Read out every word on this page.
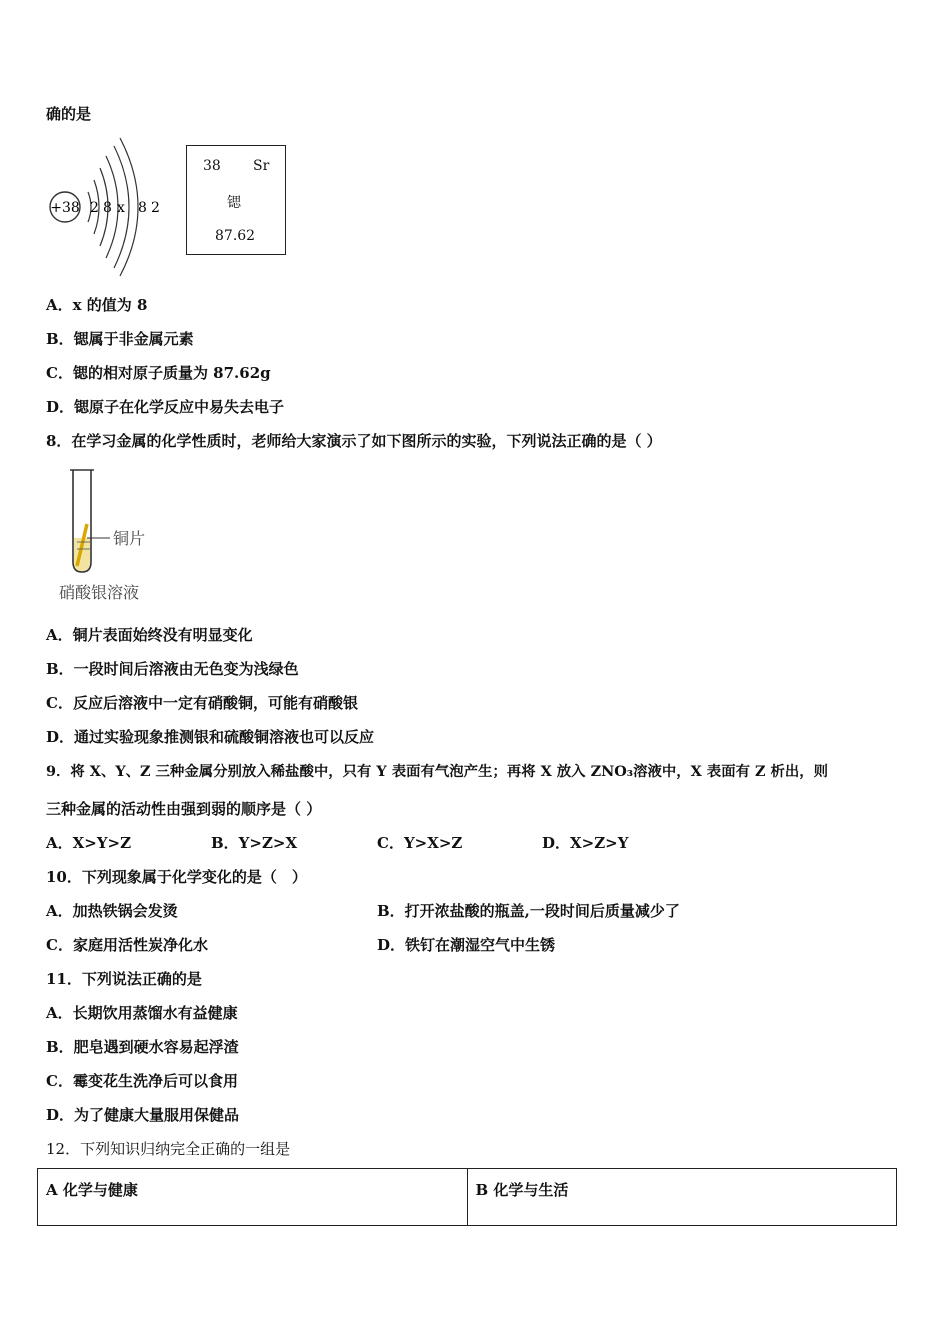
确的是
+38 2 8 x 8 2
38 Sr
锶
87.62
A．x 的值为 8
B．锶属于非金属元素
C．锶的相对原子质量为 87.62g
D．锶原子在化学反应中易失去电子
8．在学习金属的化学性质时，老师给大家演示了如下图所示的实验，下列说法正确的是（ ）
铜片
硝酸银溶液
A．铜片表面始终没有明显变化
B．一段时间后溶液由无色变为浅绿色
C．反应后溶液中一定有硝酸铜，可能有硝酸银
D．通过实验现象推测银和硫酸铜溶液也可以反应
9．将 X、Y、Z 三种金属分别放入稀盐酸中，只有 Y 表面有气泡产生；再将 X 放入 ZNO₃溶液中，X 表面有 Z 析出，则
三种金属的活动性由强到弱的顺序是（ ）
A．X>Y>Z	B．Y>Z>X	C．Y>X>Z	D．X>Z>Y
10．下列现象属于化学变化的是（　）
A．加热铁锅会发烫	B．打开浓盐酸的瓶盖,一段时间后质量减少了
C．家庭用活性炭净化水	D．铁钉在潮湿空气中生锈
11．下列说法正确的是
A．长期饮用蒸馏水有益健康
B．肥皂遇到硬水容易起浮渣
C．霉变花生洗净后可以食用
D．为了健康大量服用保健品
12．下列知识归纳完全正确的一组是
A 化学与健康	B 化学与生活
